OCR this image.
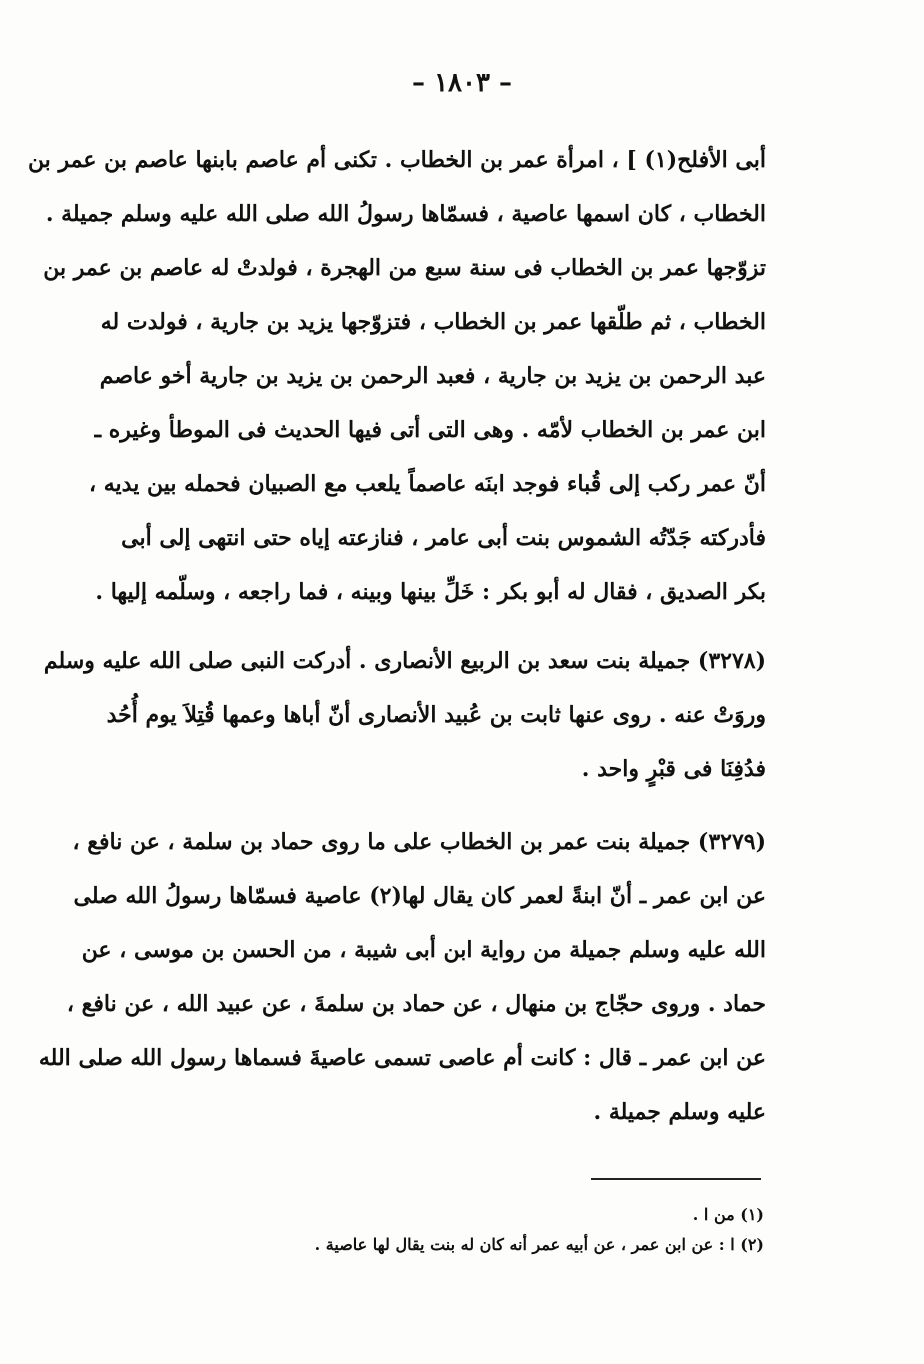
– ١٨٠٣ –
أبى الأفلح(١) ] ، امرأة عمر بن الخطاب . تكنى أم عاصم بابنها عاصم بن عمر بن
الخطاب ، كان اسمها عاصية ، فسمّاها رسولُ الله صلى الله عليه وسلم جميلة .
تزوّجها عمر بن الخطاب فى سنة سبع من الهجرة ، فولدتْ له عاصم بن عمر بن
الخطاب ، ثم طلّقها عمر بن الخطاب ، فتزوّجها يزيد بن جارية ، فولدت له
عبد الرحمن بن يزيد بن جارية ، فعبد الرحمن بن يزيد بن جارية أخو عاصم
ابن عمر بن الخطاب لأمّه . وهى التى أتى فيها الحديث فى الموطأ وغيره ـ
أنّ عمر ركب إلى قُباء فوجد ابنَه عاصماً يلعب مع الصبيان فحمله بين يديه ،
فأدركته جَدّتُه الشموس بنت أبى عامر ، فنازعته إياه حتى انتهى إلى أبى
بكر الصديق ، فقال له أبو بكر : خَلِّ بينها وبينه ، فما راجعه ، وسلّمه إليها .
(٣٢٧٨) جميلة بنت سعد بن الربيع الأنصارى . أدركت النبى صلى الله عليه وسلم
وروَتْ عنه . روى عنها ثابت بن عُبيد الأنصارى أنّ أباها وعمها قُتِلاَ يوم أُحُد
فدُفِنَا فى قبْرٍ واحد .
(٣٢٧٩) جميلة بنت عمر بن الخطاب على ما روى حماد بن سلمة ، عن نافع ،
عن ابن عمر ـ أنّ ابنةً لعمر كان يقال لها(٢) عاصية فسمّاها رسولُ الله صلى
الله عليه وسلم جميلة من رواية ابن أبى شيبة ، من الحسن بن موسى ، عن
حماد . وروى حجّاج بن منهال ، عن حماد بن سلمةَ ، عن عبيد الله ، عن نافع ،
عن ابن عمر ـ قال : كانت أم عاصى تسمى عاصيةَ فسماها رسول الله صلى الله
عليه وسلم جميلة .
(١) من ا .
(٢) ا : عن ابن عمر ، عن أبيه عمر أنه كان له بنت يقال لها عاصية .
